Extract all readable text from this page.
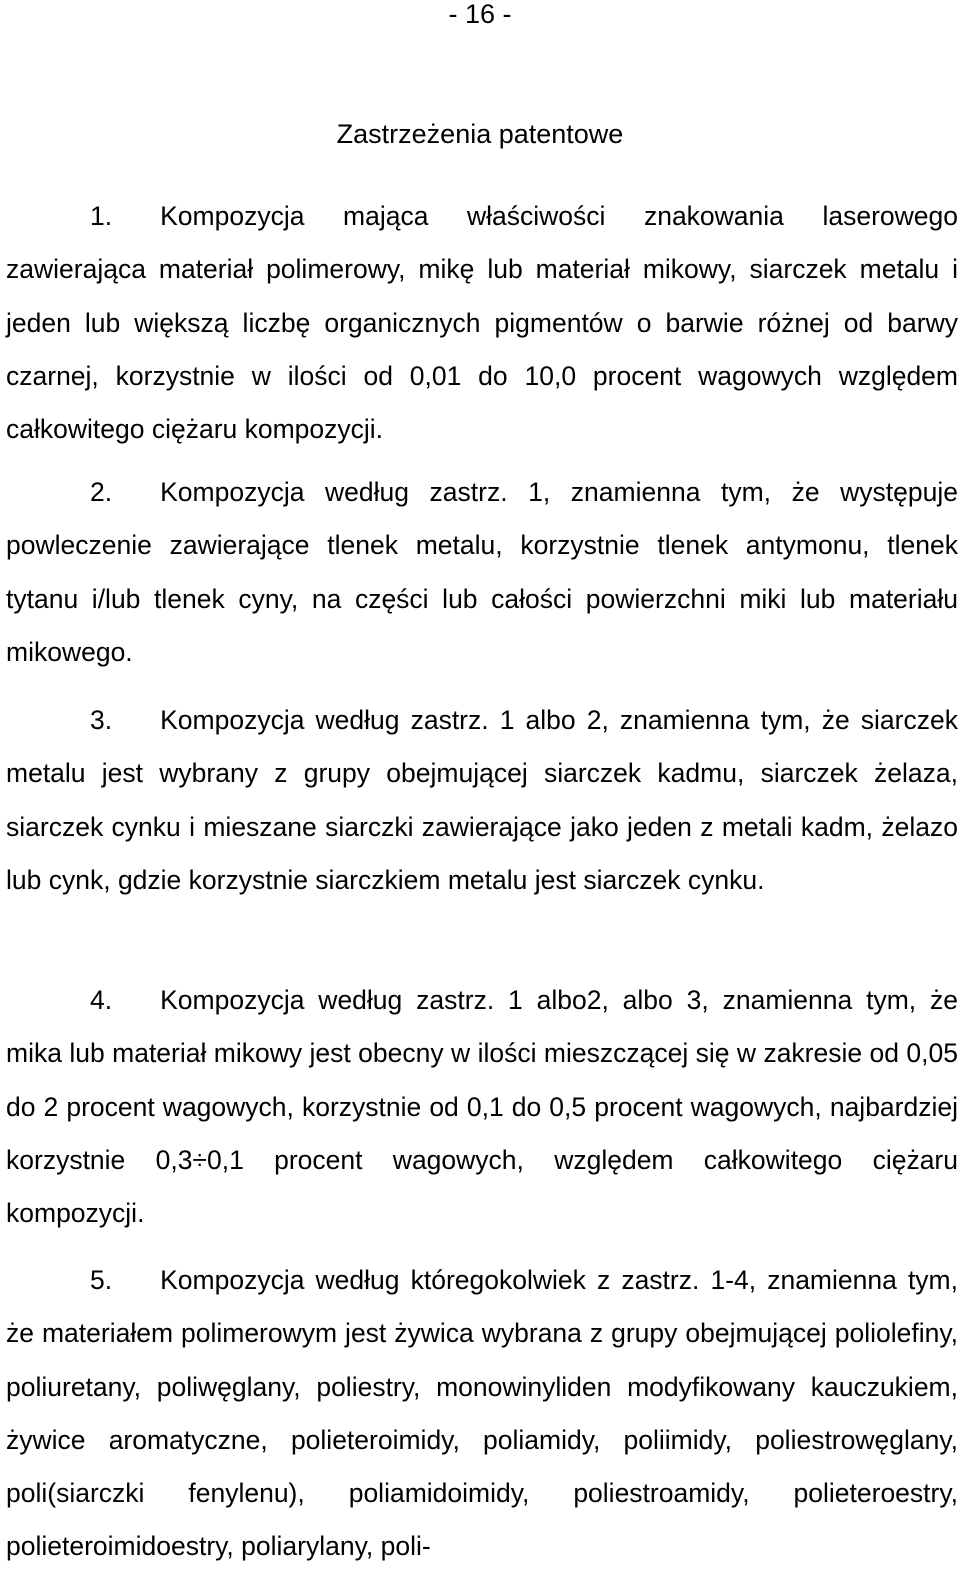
- 16 -
Zastrzeżenia patentowe

1. Kompozycja mająca właściwości znakowania laserowego zawierająca materiał polimerowy, mikę lub materiał mikowy, siarczek metalu i jeden lub większą liczbę organicznych pigmentów o barwie różnej od barwy czarnej, korzystnie w ilości od 0,01 do 10,0 procent wagowych względem całkowitego ciężaru kompozycji.

2. Kompozycja według zastrz. 1, znamienna tym, że występuje powleczenie zawierające tlenek metalu, korzystnie tlenek antymonu, tlenek tytanu i/lub tlenek cyny, na części lub całości powierzchni miki lub materiału mikowego.

3. Kompozycja według zastrz. 1 albo 2, znamienna tym, że siarczek metalu jest wybrany z grupy obejmującej siarczek kadmu, siarczek żelaza, siarczek cynku i mieszane siarczki zawierające jako jeden z metali kadm, żelazo lub cynk, gdzie korzystnie siarczkiem metalu jest siarczek cynku.

4. Kompozycja według zastrz. 1 albo2, albo 3, znamienna tym, że mika lub materiał mikowy jest obecny w ilości mieszczącej się w zakresie od 0,05 do 2 procent wagowych, korzystnie od 0,1 do 0,5 procent wagowych, najbardziej korzystnie 0,3÷0,1 procent wagowych, względem całkowitego ciężaru kompozycji.

5. Kompozycja według któregokolwiek z zastrz. 1-4, znamienna tym, że materiałem polimerowym jest żywica wybrana z grupy obejmującej poliolefiny, poliuretany, poliwęglany, poliestry, monowinyliden modyfikowany kauczukiem, żywice aromatyczne, polieteroimidy, poliamidy, poliimidy, poliestrowęglany, poli(siarczki fenylenu), poliamidoimidy, poliestroamidy, polieteroestry, polieteroimidoestry, poliarylany, poli-
